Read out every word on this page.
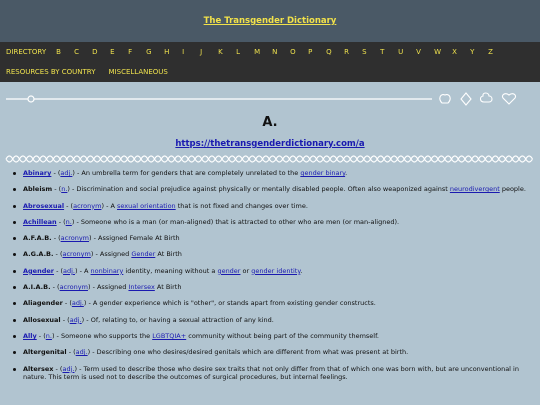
The Transgender Dictionary
DIRECTORY B	C	D	E	F	G	H	I	J	K	L	M	N	O	P	Q	R	S	T	U	V	W	X	Y	Z
RESOURCES BY COUNTRY MISCELLANEOUS
A.
https://thetransgenderdictionary.com/a
Abinary - (adj.) - An umbrella term for genders that are completely unrelated to the gender binary.
Ableism - (n.) - Discrimination and social prejudice against physically or mentally disabled people. Often also weaponized against neurodivergent people.
Abrosexual - (acronym) - A sexual orientation that is not fixed and changes over time.
Achillean - (n.) - Someone who is a man (or man-aligned) that is attracted to other who are men (or man-aligned).
A.F.A.B. - (acronym) - Assigned Female At Birth
A.G.A.B. - (acronym) - Assigned Gender At Birth
Agender - (adj.) - A nonbinary identity, meaning without a gender or gender identity.
A.I.A.B. - (acronym) - Assigned Intersex At Birth
Aliagender - (adj.) - A gender experience which is "other", or stands apart from existing gender constructs.
Allosexual - (adj.) - Of, relating to, or having a sexual attraction of any kind.
Ally - (n.) - Someone who supports the LGBTQIA+ community without being part of the community themself.
Altergenital - (adj.) - Describing one who desires/desired genitals which are different from what was present at birth.
Altersex - (adj.) - Term used to describe those who desire sex traits that not only differ from that of which one was born with, but are unconventional in nature. This term is used not to describe the outcomes of surgical procedures, but internal feelings.
